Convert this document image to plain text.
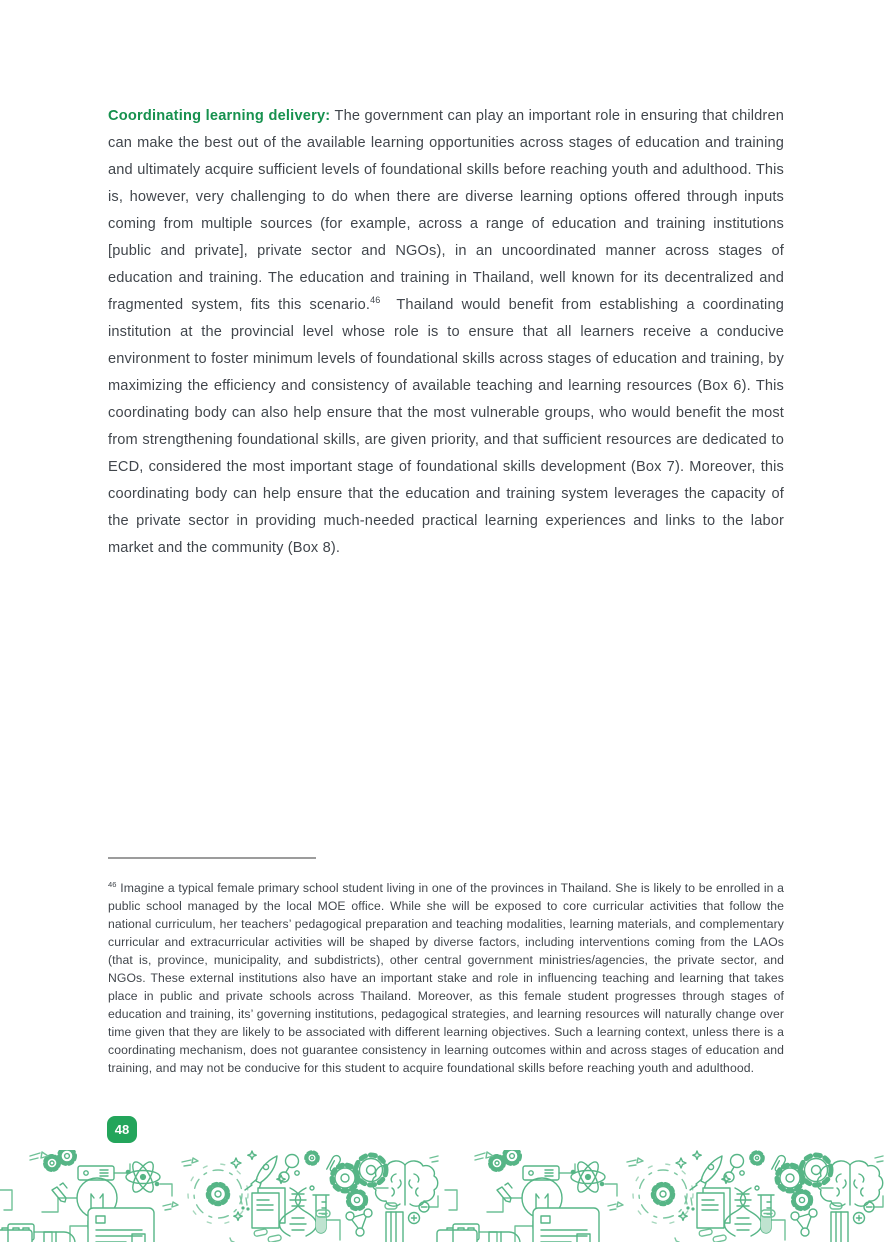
Coordinating learning delivery: The government can play an important role in ensuring that children can make the best out of the available learning opportunities across stages of education and training and ultimately acquire sufficient levels of foundational skills before reaching youth and adulthood. This is, however, very challenging to do when there are diverse learning options offered through inputs coming from multiple sources (for example, across a range of education and training institutions [public and private], private sector and NGOs), in an uncoordinated manner across stages of education and training. The education and training in Thailand, well known for its decentralized and fragmented system, fits this scenario.$^{46}$ Thailand would benefit from establishing a coordinating institution at the provincial level whose role is to ensure that all learners receive a conducive environment to foster minimum levels of foundational skills across stages of education and training, by maximizing the efficiency and consistency of available teaching and learning resources (Box 6). This coordinating body can also help ensure that the most vulnerable groups, who would benefit the most from strengthening foundational skills, are given priority, and that sufficient resources are dedicated to ECD, considered the most important stage of foundational skills development (Box 7). Moreover, this coordinating body can help ensure that the education and training system leverages the capacity of the private sector in providing much-needed practical learning experiences and links to the labor market and the community (Box 8).

$^{46}$ Imagine a typical female primary school student living in one of the provinces in Thailand. She is likely to be enrolled in a public school managed by the local MOE office. While she will be exposed to core curricular activities that follow the national curriculum, her teachers’ pedagogical preparation and teaching modalities, learning materials, and complementary curricular and extracurricular activities will be shaped by diverse factors, including interventions coming from the LAOs (that is, province, municipality, and subdistricts), other central government ministries/agencies, the private sector, and NGOs. These external institutions also have an important stake and role in influencing teaching and learning that takes place in public and private schools across Thailand. Moreover, as this female student progresses through stages of education and training, its’ governing institutions, pedagogical strategies, and learning resources will naturally change over time given that they are likely to be associated with different learning objectives. Such a learning context, unless there is a coordinating mechanism, does not guarantee consistency in learning outcomes within and across stages of education and training, and may not be conducive for this student to acquire foundational skills before reaching youth and adulthood.

48
